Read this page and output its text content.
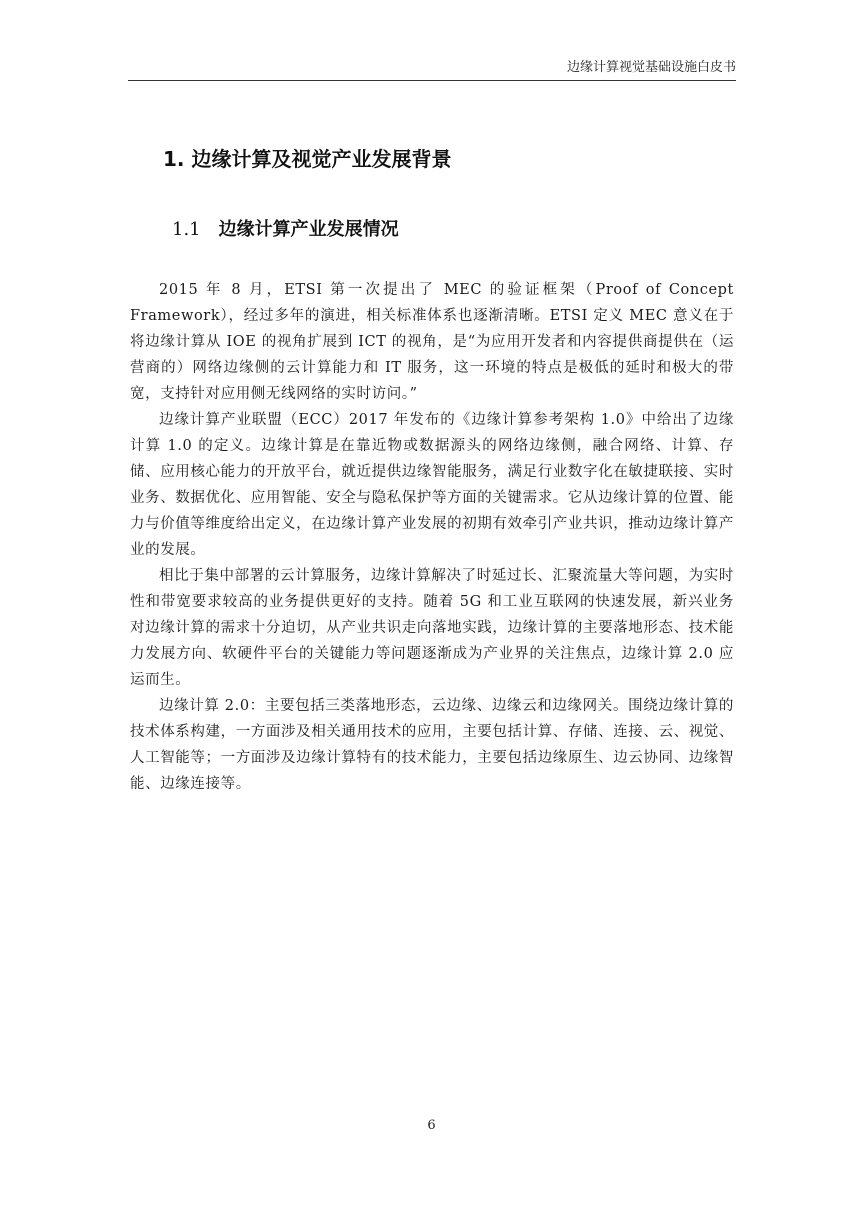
边缘计算视觉基础设施白皮书
1. 边缘计算及视觉产业发展背景
1.1 边缘计算产业发展情况

2015 年 8 月，ETSI 第一次提出了 MEC 的验证框架（Proof of Concept Framework），经过多年的演进，相关标准体系也逐渐清晰。ETSI 定义 MEC 意义在于将边缘计算从 IOE 的视角扩展到 ICT 的视角，是“为应用开发者和内容提供商提供在（运营商的）网络边缘侧的云计算能力和 IT 服务，这一环境的特点是极低的延时和极大的带宽，支持针对应用侧无线网络的实时访问。”

边缘计算产业联盟（ECC）2017 年发布的《边缘计算参考架构 1.0》中给出了边缘计算 1.0 的定义。边缘计算是在靠近物或数据源头的网络边缘侧，融合网络、计算、存储、应用核心能力的开放平台，就近提供边缘智能服务，满足行业数字化在敏捷联接、实时业务、数据优化、应用智能、安全与隐私保护等方面的关键需求。它从边缘计算的位置、能力与价值等维度给出定义，在边缘计算产业发展的初期有效牵引产业共识，推动边缘计算产业的发展。

相比于集中部署的云计算服务，边缘计算解决了时延过长、汇聚流量大等问题，为实时性和带宽要求较高的业务提供更好的支持。随着 5G 和工业互联网的快速发展，新兴业务对边缘计算的需求十分迫切，从产业共识走向落地实践，边缘计算的主要落地形态、技术能力发展方向、软硬件平台的关键能力等问题逐渐成为产业界的关注焦点，边缘计算 2.0 应运而生。

边缘计算 2.0：主要包括三类落地形态，云边缘、边缘云和边缘网关。围绕边缘计算的技术体系构建，一方面涉及相关通用技术的应用，主要包括计算、存储、连接、云、视觉、人工智能等；一方面涉及边缘计算特有的技术能力，主要包括边缘原生、边云协同、边缘智能、边缘连接等。

6
